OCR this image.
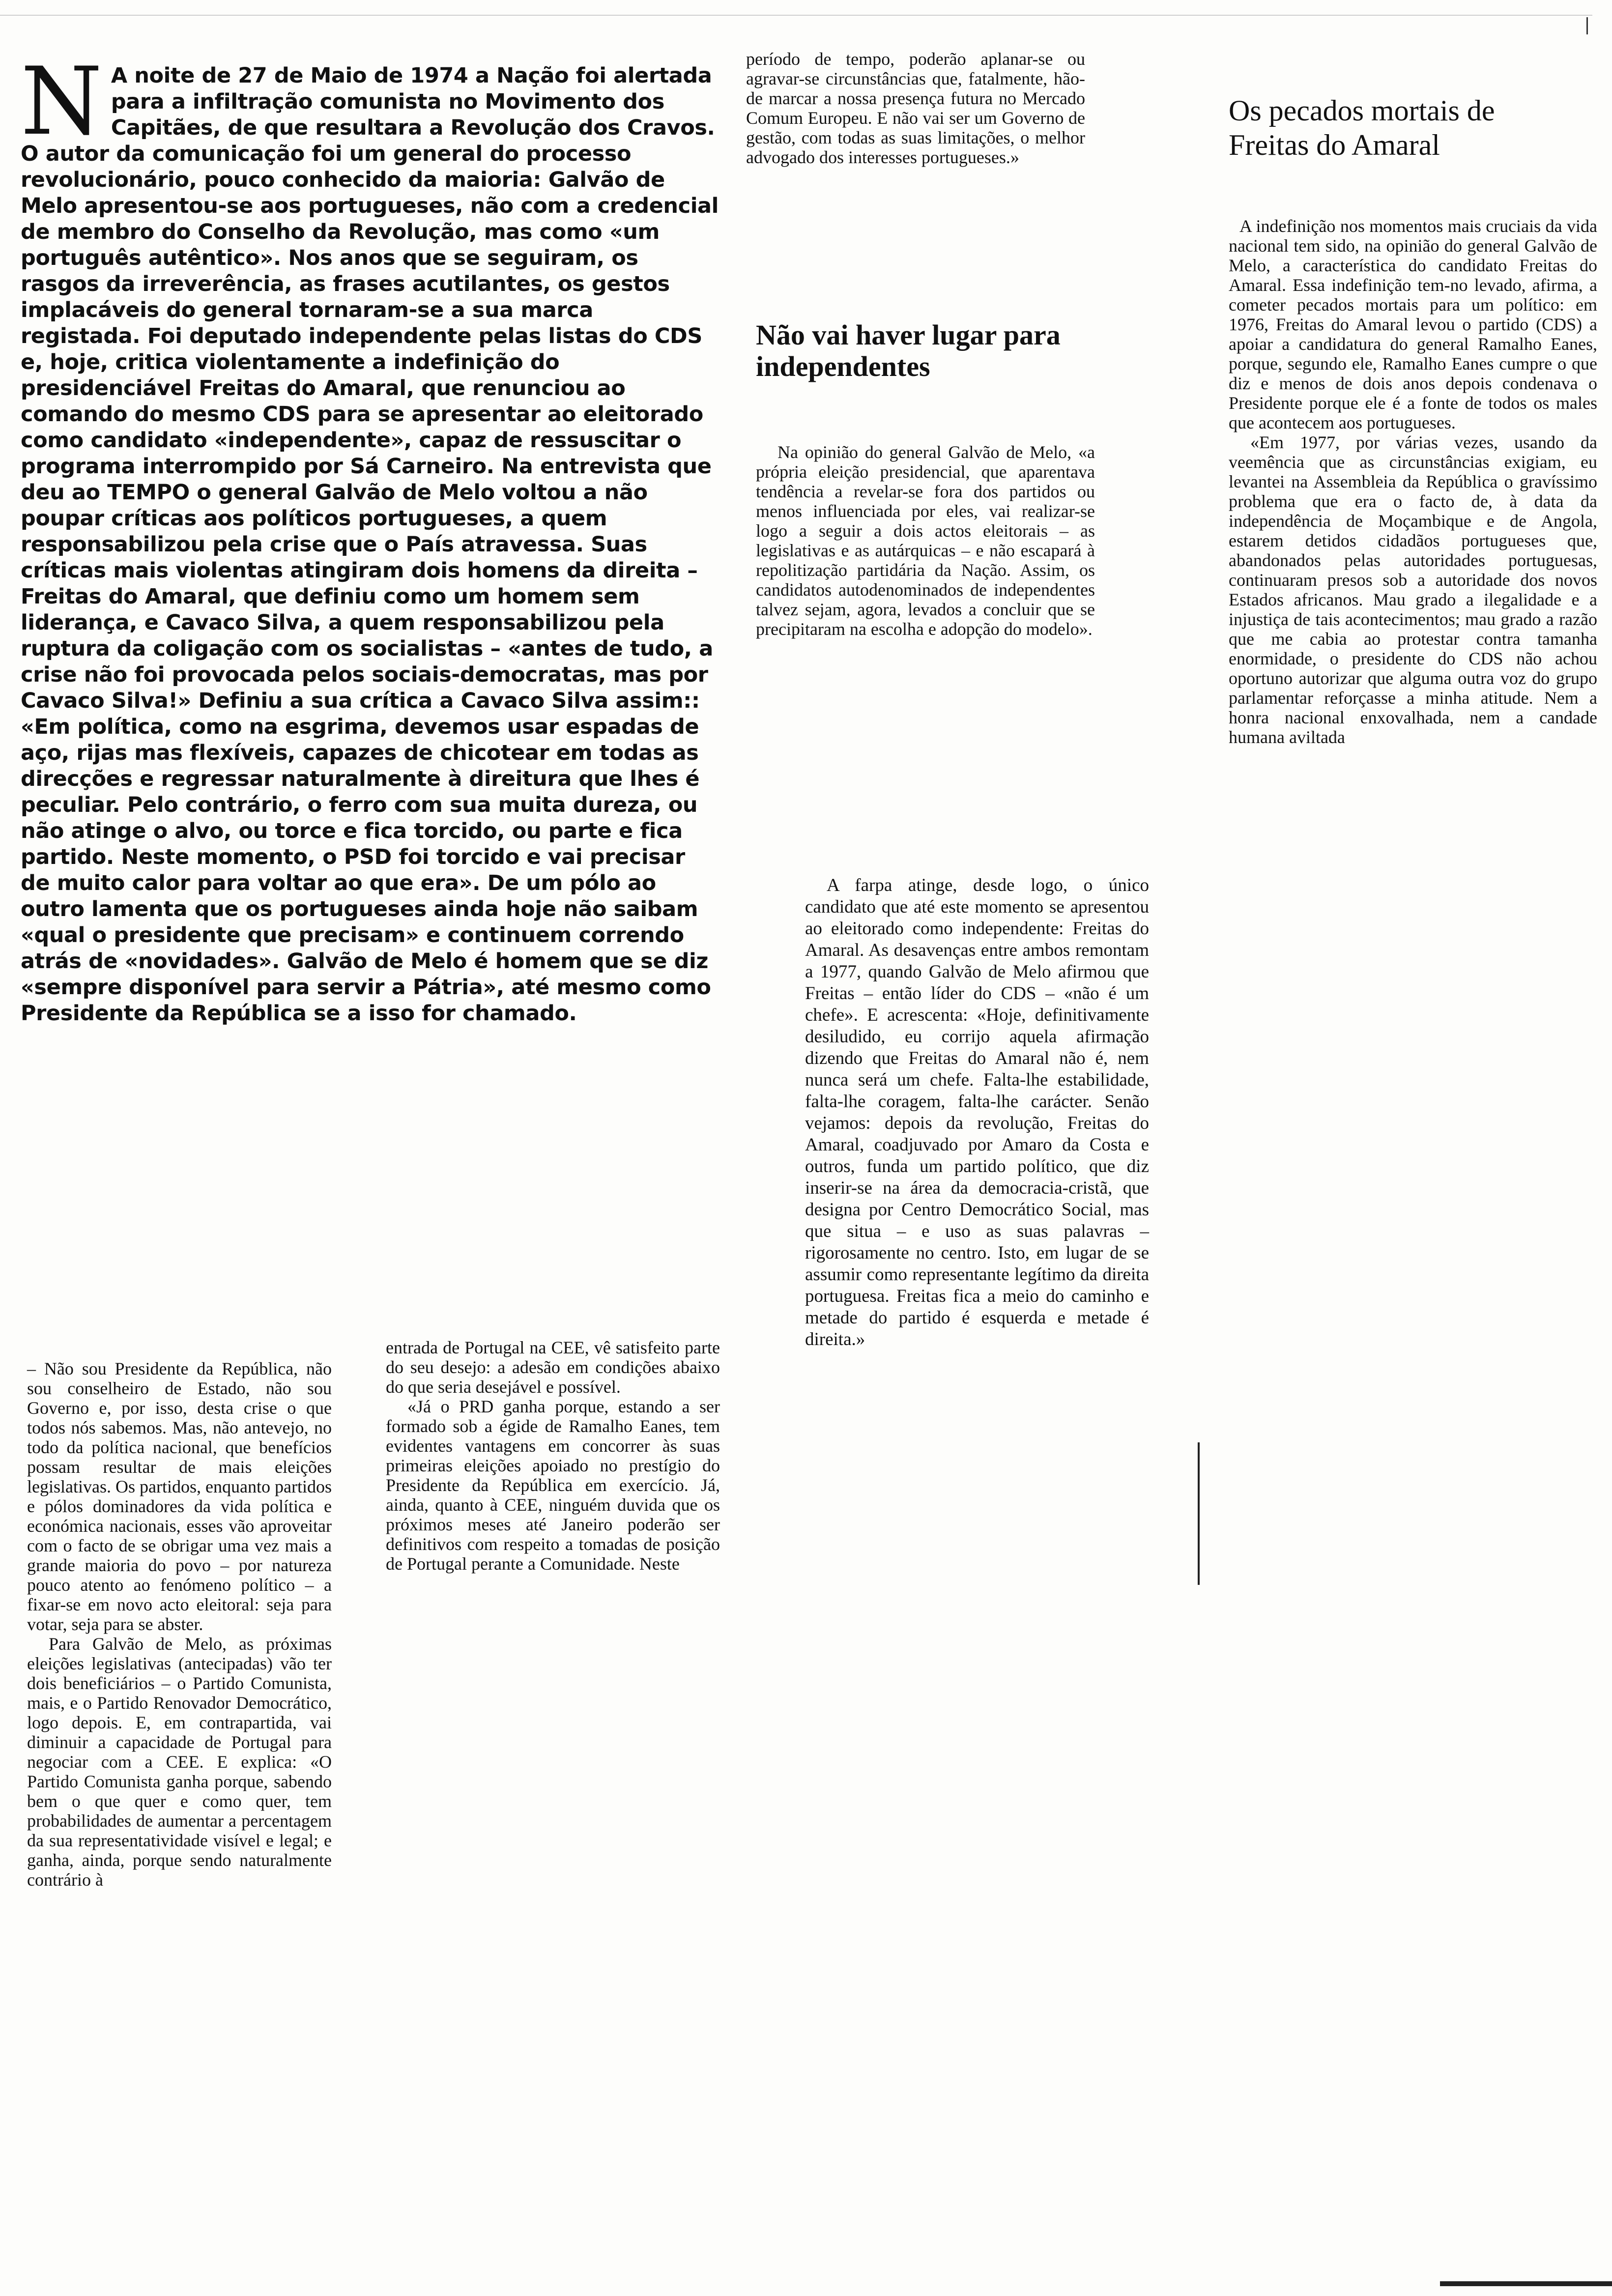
N A noite de 27 de Maio de 1974 a Nação foi alertada para a infiltração comunista no Movimento dos Capitães, de que resultara a Revolução dos Cravos. O autor da comunicação foi um general do processo revolucionário, pouco conhecido da maioria: Galvão de Melo apresentou-se aos portugueses, não com a credencial de membro do Conselho da Revolução, mas como «um português autêntico». Nos anos que se seguiram, os rasgos da irreverência, as frases acutilantes, os gestos implacáveis do general tornaram-se a sua marca registada. Foi deputado independente pelas listas do CDS e, hoje, critica violentamente a indefinição do presidenciável Freitas do Amaral, que renunciou ao comando do mesmo CDS para se apresentar ao eleitorado como candidato «independente», capaz de ressuscitar o programa interrompido por Sá Carneiro. Na entrevista que deu ao TEMPO o general Galvão de Melo voltou a não poupar críticas aos políticos portugueses, a quem responsabilizou pela crise que o País atravessa. Suas críticas mais violentas atingiram dois homens da direita – Freitas do Amaral, que definiu como um homem sem liderança, e Cavaco Silva, a quem responsabilizou pela ruptura da coligação com os socialistas – «antes de tudo, a crise não foi provocada pelos sociais-democratas, mas por Cavaco Silva!» Definiu a sua crítica a Cavaco Silva assim:: «Em política, como na esgrima, devemos usar espadas de aço, rijas mas flexíveis, capazes de chicotear em todas as direcções e regressar naturalmente à direitura que lhes é peculiar. Pelo contrário, o ferro com sua muita dureza, ou não atinge o alvo, ou torce e fica torcido, ou parte e fica partido. Neste momento, o PSD foi torcido e vai precisar de muito calor para voltar ao que era». De um pólo ao outro lamenta que os portugueses ainda hoje não saibam «qual o presidente que precisam» e continuem correndo atrás de «novidades». Galvão de Melo é homem que se diz «sempre disponível para servir a Pátria», até mesmo como Presidente da República se a isso for chamado.

– Não sou Presidente da República, não sou conselheiro de Estado, não sou Governo e, por isso, desta crise o que todos nós sabemos. Mas, não antevejo, no todo da política nacional, que benefícios possam resultar de mais eleições legislativas. Os partidos, enquanto partidos e pólos dominadores da vida política e económica nacionais, esses vão aproveitar com o facto de se obrigar uma vez mais a grande maioria do povo – por natureza pouco atento ao fenómeno político – a fixar-se em novo acto eleitoral: seja para votar, seja para se abster.

Para Galvão de Melo, as próximas eleições legislativas (antecipadas) vão ter dois beneficiários – o Partido Comunista, mais, e o Partido Renovador Democrático, logo depois. E, em contrapartida, vai diminuir a capacidade de Portugal para negociar com a CEE. E explica: «O Partido Comunista ganha porque, sabendo bem o que quer e como quer, tem probabilidades de aumentar a percentagem da sua representatividade visível e legal; e ganha, ainda, porque sendo naturalmente contrário à

entrada de Portugal na CEE, vê satisfeito parte do seu desejo: a adesão em condições abaixo do que seria desejável e possível.

«Já o PRD ganha porque, estando a ser formado sob a égide de Ramalho Eanes, tem evidentes vantagens em concorrer às suas primeiras eleições apoiado no prestígio do Presidente da República em exercício. Já, ainda, quanto à CEE, ninguém duvida que os próximos meses até Janeiro poderão ser definitivos com respeito a tomadas de posição de Portugal perante a Comunidade. Neste

período de tempo, poderão aplanar-se ou agravar-se circunstâncias que, fatalmente, hão-de marcar a nossa presença futura no Mercado Comum Europeu. E não vai ser um Governo de gestão, com todas as suas limitações, o melhor advogado dos interesses portugueses.»

Não vai haver lugar para independentes

Na opinião do general Galvão de Melo, «a própria eleição presidencial, que aparentava tendência a revelar-se fora dos partidos ou menos influenciada por eles, vai realizar-se logo a seguir a dois actos eleitorais – as legislativas e as autárquicas – e não escapará à repolitização partidária da Nação. Assim, os candidatos autodenominados de independentes talvez sejam, agora, levados a concluir que se precipitaram na escolha e adopção do modelo».

A farpa atinge, desde logo, o único candidato que até este momento se apresentou ao eleitorado como independente: Freitas do Amaral. As desavenças entre ambos remontam a 1977, quando Galvão de Melo afirmou que Freitas – então líder do CDS – «não é um chefe». E acrescenta: «Hoje, definitivamente desiludido, eu corrijo aquela afirmação dizendo que Freitas do Amaral não é, nem nunca será um chefe. Falta-lhe estabilidade, falta-lhe coragem, falta-lhe carácter. Senão vejamos: depois da revolução, Freitas do Amaral, coadjuvado por Amaro da Costa e outros, funda um partido político, que diz inserir-se na área da democracia-cristã, que designa por Centro Democrático Social, mas que situa – e uso as suas palavras – rigorosamente no centro. Isto, em lugar de se assumir como representante legítimo da direita portuguesa. Freitas fica a meio do caminho e metade do partido é esquerda e metade é direita.»

Os pecados mortais de Freitas do Amaral

A indefinição nos momentos mais cruciais da vida nacional tem sido, na opinião do general Galvão de Melo, a característica do candidato Freitas do Amaral. Essa indefinição tem-no levado, afirma, a cometer pecados mortais para um político: em 1976, Freitas do Amaral levou o partido (CDS) a apoiar a candidatura do general Ramalho Eanes, porque, segundo ele, Ramalho Eanes cumpre o que diz e menos de dois anos depois condenava o Presidente porque ele é a fonte de todos os males que acontecem aos portugueses.

«Em 1977, por várias vezes, usando da veemência que as circunstâncias exigiam, eu levantei na Assembleia da República o gravíssimo problema que era o facto de, à data da independência de Moçambique e de Angola, estarem detidos cidadãos portugueses que, abandonados pelas autoridades portuguesas, continuaram presos sob a autoridade dos novos Estados africanos. Mau grado a ilegalidade e a injustiça de tais acontecimentos; mau grado a razão que me cabia ao protestar contra tamanha enormidade, o presidente do CDS não achou oportuno autorizar que alguma outra voz do grupo parlamentar reforçasse a minha atitude. Nem a honra nacional enxovalhada, nem a candade humana aviltada
